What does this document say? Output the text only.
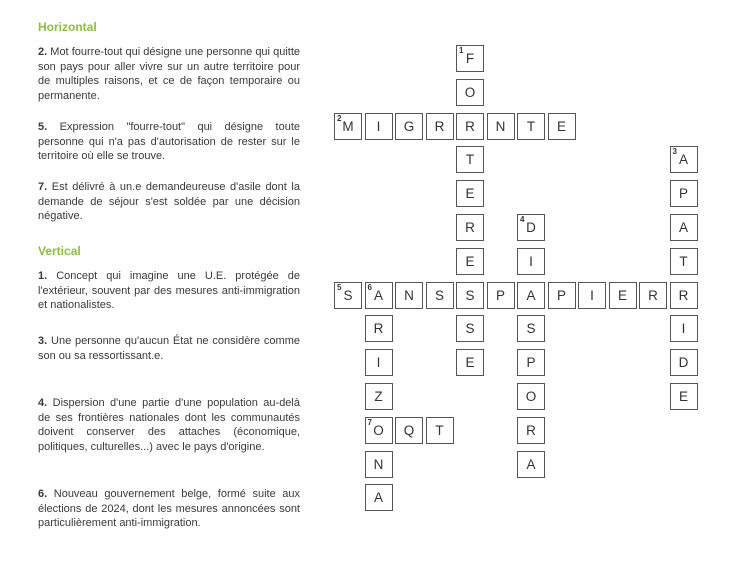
Horizontal

2. Mot fourre-tout qui désigne une personne qui quitte son pays pour aller vivre sur un autre territoire pour de multiples raisons, et ce de façon temporaire ou permanente.

5. Expression "fourre-tout" qui désigne toute personne qui n'a pas d'autorisation de rester sur le territoire où elle se trouve.

7. Est délivré à un.e demandeureuse d'asile dont la demande de séjour s'est soldée par une décision négative.

Vertical

1. Concept qui imagine une U.E. protégée de l'extérieur, souvent par des mesures anti-immigration et nationalistes.

3. Une personne qu'aucun État ne considère comme son ou sa ressortissant.e.

4. Dispersion d'une partie d'une population au-delà de ses frontières nationales dont les communautés doivent conserver des attaches (économique, politiques, culturelles...) avec le pays d'origine.

6. Nouveau gouvernement belge, formé suite aux élections de 2024, dont les mesures annoncées sont particulièrement anti-immigration.

1
F
O
R
T
E
R
E
S
S
E
2
M I G R	N T E
3
A
P
A
T
R
I
D
E
4
D
I
A
S
P
O
R
A
5
S
6
A N S	P	P I E R
R
I
Z
7
O
N
A
Q T
